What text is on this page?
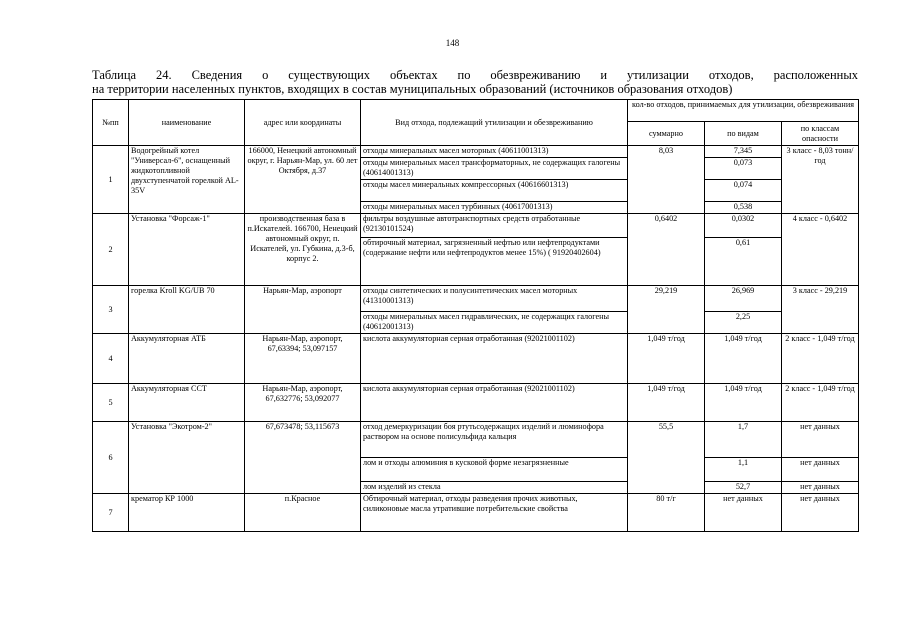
148
Таблица 24. Сведения о существующих объектах по обезвреживанию и утилизации отходов, расположенных
на территории населенных пунктов, входящих в состав муниципальных образований (источников образования отходов)
№пп	наименование	адрес или координаты	Вид отхода, подлежащий утилизации и обезвреживанию	кол-во отходов, принимаемых для утилизации, обезвреживания		
				суммарно	по видам	по классам опасности
1	Водогрейный котел "Универсал-6", оснащенный жидкотопливной двухступенчатой горелкой AL-35V	166000, Ненецкий автономный округ, г. Нарьян-Мар, ул. 60 лет Октября, д.37	отходы минеральных масел моторных (40611001313)	8,03	7,345	3 класс - 8,03 тонн/год
			отходы минеральных масел трансформаторных, не содержащих галогены (40614001313)		0,073	
			отходы масел минеральных компрессорных (40616601313)		0,074	
			отходы минеральных масел турбинных (40617001313)		0,538	
2	Установка "Форсаж-1"	производственная база в п.Искателей. 166700, Ненецкий автономный округ, п. Искателей, ул. Губкина, д.3-б, корпус 2.	фильтры воздушные автотранспортных средств отработанные (92130101524)	0,6402	0,0302	4 класс - 0,6402
			обтирочный материал, загрязненный нефтью или нефтепродуктами (содержание нефти или нефтепродуктов менее 15%) ( 91920402604)		0,61	
3	горелка Kroll KG/UB 70	Нарьян-Мар, аэропорт	отходы синтетических и полусинтетических масел моторных (41310001313)	29,219	26,969	3 класс - 29,219
			отходы минеральных масел гидравлических, не содержащих галогены (40612001313)		2,25	
4	Аккумуляторная АТБ	Нарьян-Мар, аэропорт, 67,63394; 53,097157	кислота аккумуляторная серная отработанная (92021001102)	1,049 т/год	1,049 т/год	2 класс - 1,049 т/год
5	Аккумуляторная ССТ	Нарьян-Мар, аэропорт, 67,632776; 53,092077	кислота аккумуляторная серная отработанная (92021001102)	1,049 т/год	1,049 т/год	2 класс - 1,049 т/год
6	Установка "Экотром-2"	67,673478; 53,115673	отход демеркуризации боя ртутьсодержащих изделий и люминофора раствором на основе полисульфида кальция	55,5	1,7	нет данных
			лом и отходы алюминия в кусковой форме незагрязненные		1,1	нет данных
			лом изделий из стекла		52,7	нет данных
7	крематор КР 1000	п.Красное	Обтирочный материал, отходы разведения прочих животных, силиконовые масла утратившие потребительские свойства	80 т/г	нет данных	нет данных
